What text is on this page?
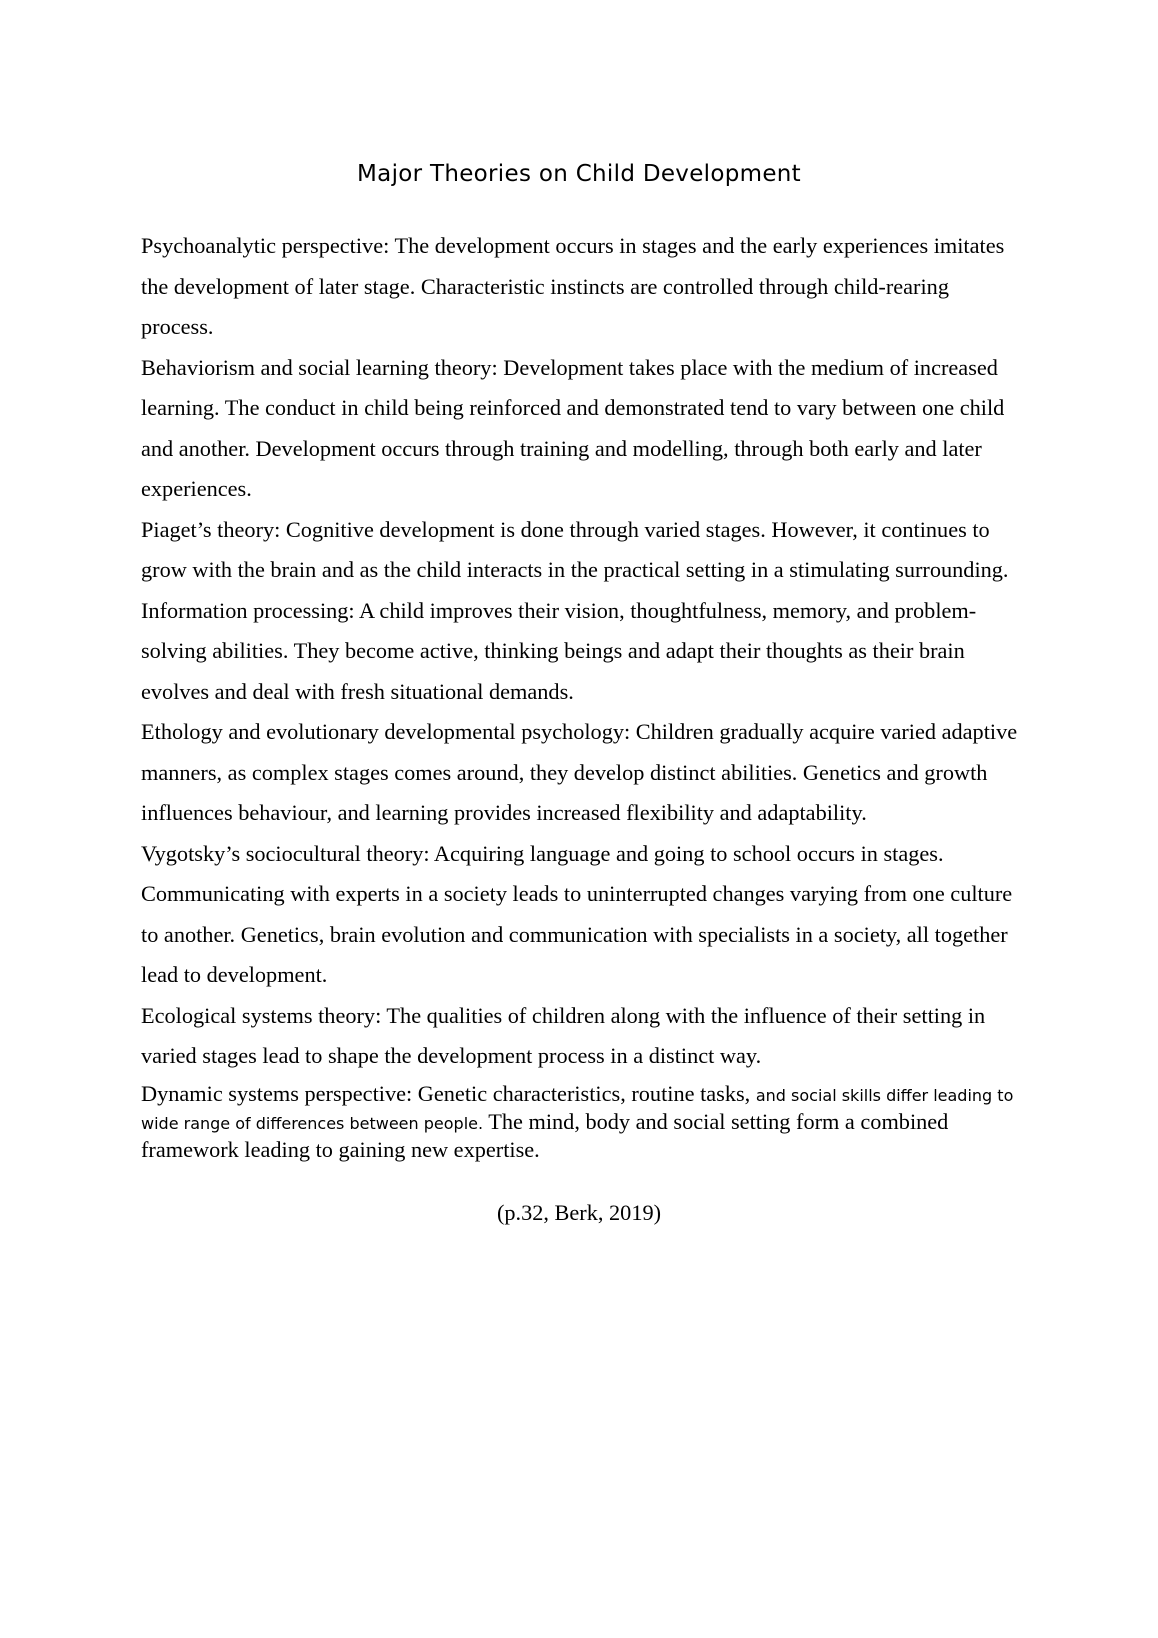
Major Theories on Child Development

Psychoanalytic perspective: The development occurs in stages and the early experiences imitates the development of later stage. Characteristic instincts are controlled through child-rearing process.

Behaviorism and social learning theory: Development takes place with the medium of increased learning. The conduct in child being reinforced and demonstrated tend to vary between one child and another. Development occurs through training and modelling, through both early and later experiences.

Piaget’s theory: Cognitive development is done through varied stages. However, it continues to grow with the brain and as the child interacts in the practical setting in a stimulating surrounding.

Information processing: A child improves their vision, thoughtfulness, memory, and problem-solving abilities. They become active, thinking beings and adapt their thoughts as their brain evolves and deal with fresh situational demands.

Ethology and evolutionary developmental psychology: Children gradually acquire varied adaptive manners, as complex stages comes around, they develop distinct abilities. Genetics and growth influences behaviour, and learning provides increased flexibility and adaptability.

Vygotsky’s sociocultural theory: Acquiring language and going to school occurs in stages. Communicating with experts in a society leads to uninterrupted changes varying from one culture to another. Genetics, brain evolution and communication with specialists in a society, all together lead to development.

Ecological systems theory: The qualities of children along with the influence of their setting in varied stages lead to shape the development process in a distinct way.

Dynamic systems perspective: Genetic characteristics, routine tasks, and social skills differ leading to wide range of differences between people. The mind, body and social setting form a combined framework leading to gaining new expertise.

(p.32, Berk, 2019)
